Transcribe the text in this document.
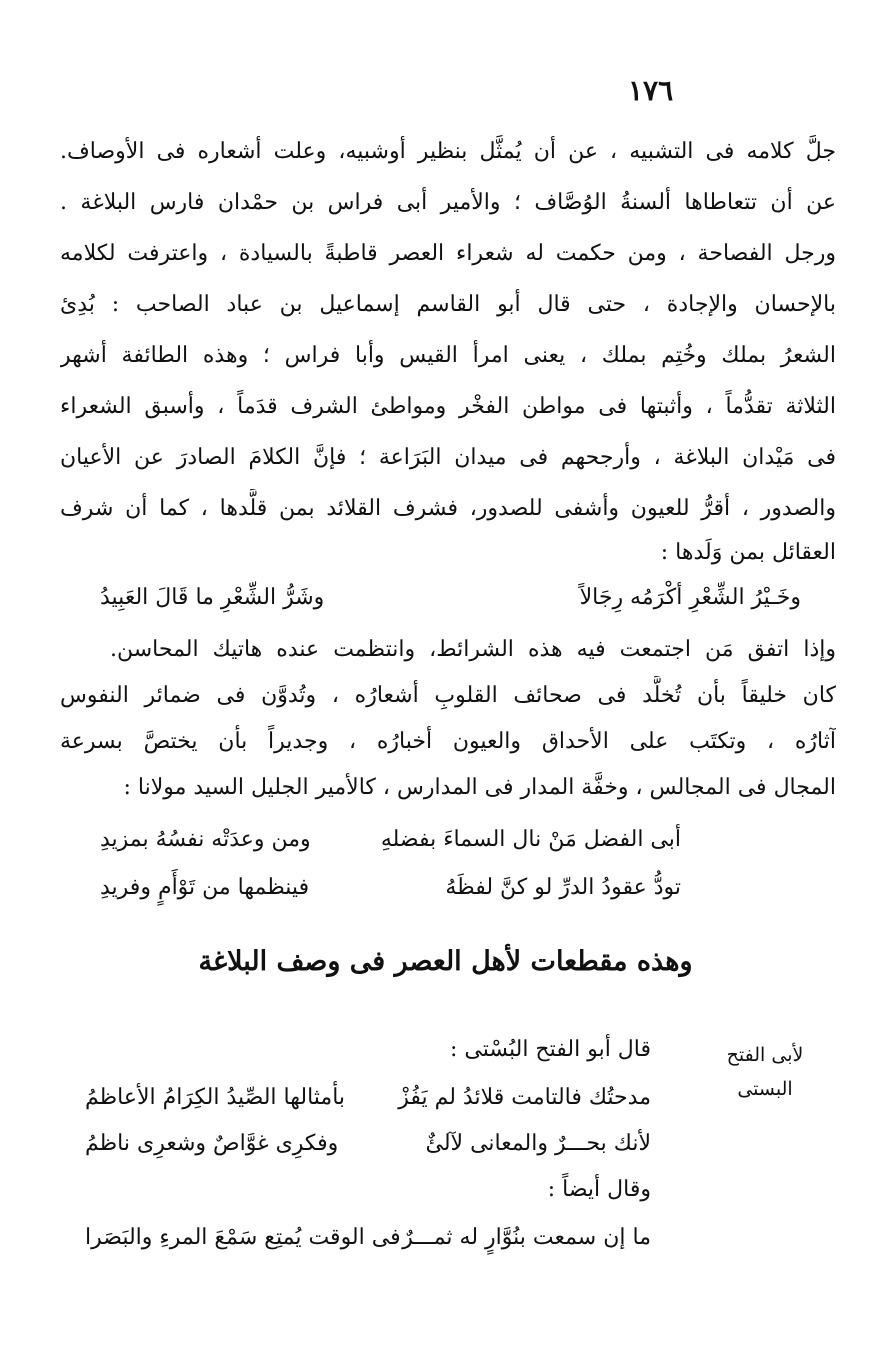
١٧٦
جلَّ كلامه فى التشبيه ، عن أن يُمثَّل بنظير أوشبيه، وعلت أشعاره فى الأوصاف.
عن أن تتعاطاها ألسنةُ الوُصَّاف ؛ والأمير أبى فراس بن حمْدان فارس البلاغة .
ورجل الفصاحة ، ومن حكمت له شعراء العصر قاطبةً بالسيادة ، واعترفت لكلامه
بالإحسان والإجادة ، حتى قال أبو القاسم إسماعيل بن عباد الصاحب : بُدِئ
الشعرُ بملك وخُتِم بملك ، يعنى امرأ القيس وأبا فراس ؛ وهذه الطائفة أشهر
الثلاثة تقدُّماً ، وأثبتها فى مواطن الفخْر ومواطئ الشرف قدَماً ، وأسبق الشعراء
فى مَيْدان البلاغة ، وأرجحهم فى ميدان البَرَاعة ؛ فإنَّ الكلامَ الصادرَ عن الأعيان
والصدور ، أقرُّ للعيون وأشفى للصدور، فشرف القلائد بمن قلَّدها ، كما أن شرف
العقائل بمن وَلَدها :
وخَـيْرُ الشِّعْرِ أكْرَمُه رِجَالاً
وشَرُّ الشِّعْرِ ما قَالَ العَبِيدُ
وإذا اتفق مَن اجتمعت فيه هذه الشرائط، وانتظمت عنده هاتيك المحاسن.
كان خليقاً بأن تُخلَّد فى صحائف القلوبِ أشعارُه ، وتُدوَّن فى ضمائر النفوس
آثارُه ، وتكتَب على الأحداق والعيون أخبارُه ، وجديراً بأن يختصَّ بسرعة
المجال فى المجالس ، وخفَّة المدار فى المدارس ، كالأمير الجليل السيد مولانا :
أبى الفضل مَنْ نال السماءَ بفضلهِ
ومن وعدَتْه نفسُهُ بمزيدِ
تودُّ عقودُ الدرِّ لو كنَّ لفظَهُ
فينظمها من تَوْأَمٍ وفريدِ
وهذه مقطعات لأهل العصر فى وصف البلاغة
لأبى الفتح
البستى
قال أبو الفتح البُسْتى :
مدحتُك فالتامت قلائدُ لم يَفُزْ
بأمثالها الصِّيدُ الكِرَامُ الأعاظمُ
لأنك بحـــرٌ والمعانى لآلئٌ
وفكرِى غوَّاصٌ وشعرِى ناظمُ
وقال أيضاً :
ما إن سمعت بنُوَّارٍ له ثمـــرٌ
فى الوقت يُمتِع سَمْعَ المرءِ والبَصَرا
